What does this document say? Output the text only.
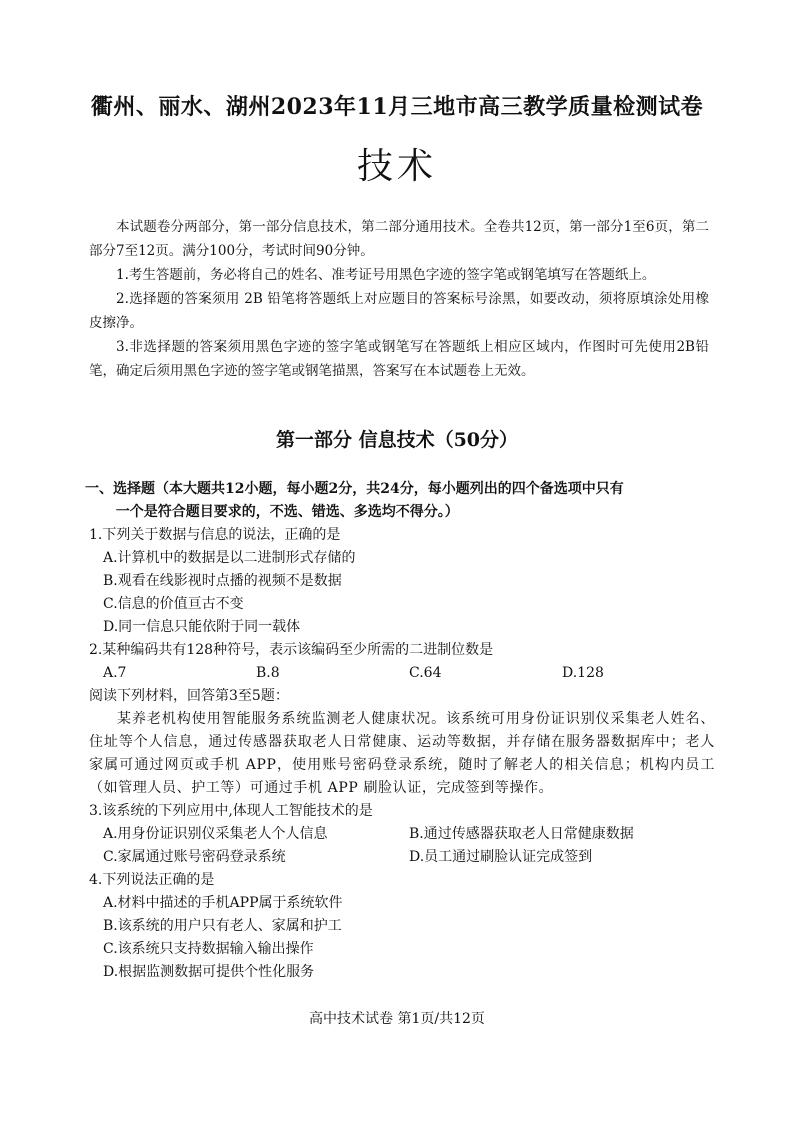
衢州、丽水、湖州2023年11月三地市高三教学质量检测试卷
技术

本试题卷分两部分，第一部分信息技术，第二部分通用技术。全卷共12页，第一部分1至6页，第二部分7至12页。满分100分，考试时间90分钟。

1.考生答题前，务必将自己的姓名、准考证号用黑色字迹的签字笔或钢笔填写在答题纸上。

2.选择题的答案须用 2B 铅笔将答题纸上对应题目的答案标号涂黑，如要改动，须将原填涂处用橡皮擦净。

3.非选择题的答案须用黑色字迹的签字笔或钢笔写在答题纸上相应区域内，作图时可先使用2B铅笔，确定后须用黑色字迹的签字笔或钢笔描黑，答案写在本试题卷上无效。

第一部分 信息技术（50分）
一、选择题（本大题共12小题，每小题2分，共24分，每小题列出的四个备选项中只有
一个是符合题目要求的，不选、错选、多选均不得分。）
1.下列关于数据与信息的说法，正确的是
A.计算机中的数据是以二进制形式存储的
B.观看在线影视时点播的视频不是数据
C.信息的价值亘古不变
D.同一信息只能依附于同一载体
2.某种编码共有128种符号，表示该编码至少所需的二进制位数是
A.7	B.8	C.64	D.128
阅读下列材料，回答第3至5题：
某养老机构使用智能服务系统监测老人健康状况。该系统可用身份证识别仪采集老人姓名、住址等个人信息，通过传感器获取老人日常健康、运动等数据，并存储在服务器数据库中；老人家属可通过网页或手机 APP，使用账号密码登录系统，随时了解老人的相关信息；机构内员工（如管理人员、护工等）可通过手机 APP 刷脸认证，完成签到等操作。
3.该系统的下列应用中,体现人工智能技术的是
A.用身份证识别仪采集老人个人信息	B.通过传感器获取老人日常健康数据
C.家属通过账号密码登录系统	D.员工通过刷脸认证完成签到
4.下列说法正确的是
A.材料中描述的手机APP属于系统软件
B.该系统的用户只有老人、家属和护工
C.该系统只支持数据输入输出操作
D.根据监测数据可提供个性化服务
高中技术试卷 第1页/共12页
